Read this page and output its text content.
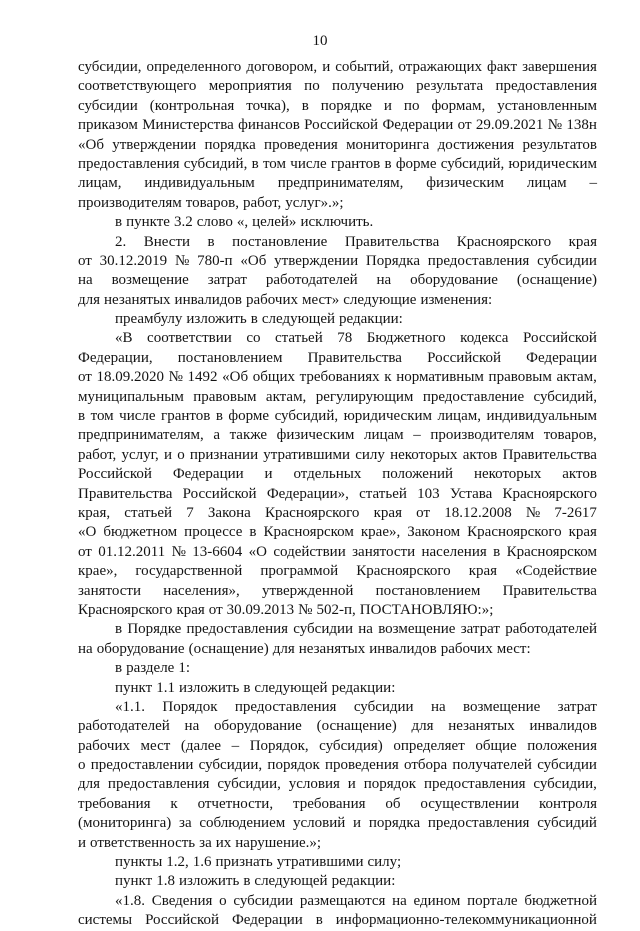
10
субсидии, определенного договором, и событий, отражающих факт завершения
соответствующего мероприятия по получению результата предоставления
субсидии (контрольная точка), в порядке и по формам, установленным
приказом Министерства финансов Российской Федерации от 29.09.2021 № 138н
«Об утверждении порядка проведения мониторинга достижения результатов
предоставления субсидий, в том числе грантов в форме субсидий, юридическим
лицам, индивидуальным предпринимателям, физическим лицам –
производителям товаров, работ, услуг».»;
в пункте 3.2 слово «, целей» исключить.
2. Внести в постановление Правительства Красноярского края
от 30.12.2019 № 780-п «Об утверждении Порядка предоставления субсидии
на возмещение затрат работодателей на оборудование (оснащение)
для незанятых инвалидов рабочих мест» следующие изменения:
преамбулу изложить в следующей редакции:
«В соответствии со статьей 78 Бюджетного кодекса Российской
Федерации, постановлением Правительства Российской Федерации
от 18.09.2020 № 1492 «Об общих требованиях к нормативным правовым актам,
муниципальным правовым актам, регулирующим предоставление субсидий,
в том числе грантов в форме субсидий, юридическим лицам, индивидуальным
предпринимателям, а также физическим лицам – производителям товаров,
работ, услуг, и о признании утратившими силу некоторых актов Правительства
Российской Федерации и отдельных положений некоторых актов
Правительства Российской Федерации», статьей 103 Устава Красноярского
края, статьей 7 Закона Красноярского края от 18.12.2008 № 7-2617
«О бюджетном процессе в Красноярском крае», Законом Красноярского края
от 01.12.2011 № 13-6604 «О содействии занятости населения в Красноярском
крае», государственной программой Красноярского края «Содействие
занятости населения», утвержденной постановлением Правительства
Красноярского края от 30.09.2013 № 502-п, ПОСТАНОВЛЯЮ:»;
в Порядке предоставления субсидии на возмещение затрат работодателей
на оборудование (оснащение) для незанятых инвалидов рабочих мест:
в разделе 1:
пункт 1.1 изложить в следующей редакции:
«1.1. Порядок предоставления субсидии на возмещение затрат
работодателей на оборудование (оснащение) для незанятых инвалидов
рабочих мест (далее – Порядок, субсидия) определяет общие положения
о предоставлении субсидии, порядок проведения отбора получателей субсидии
для предоставления субсидии, условия и порядок предоставления субсидии,
требования к отчетности, требования об осуществлении контроля
(мониторинга) за соблюдением условий и порядка предоставления субсидий
и ответственность за их нарушение.»;
пункты 1.2, 1.6 признать утратившими силу;
пункт 1.8 изложить в следующей редакции:
«1.8. Сведения о субсидии размещаются на едином портале бюджетной
системы Российской Федерации в информационно-телекоммуникационной
